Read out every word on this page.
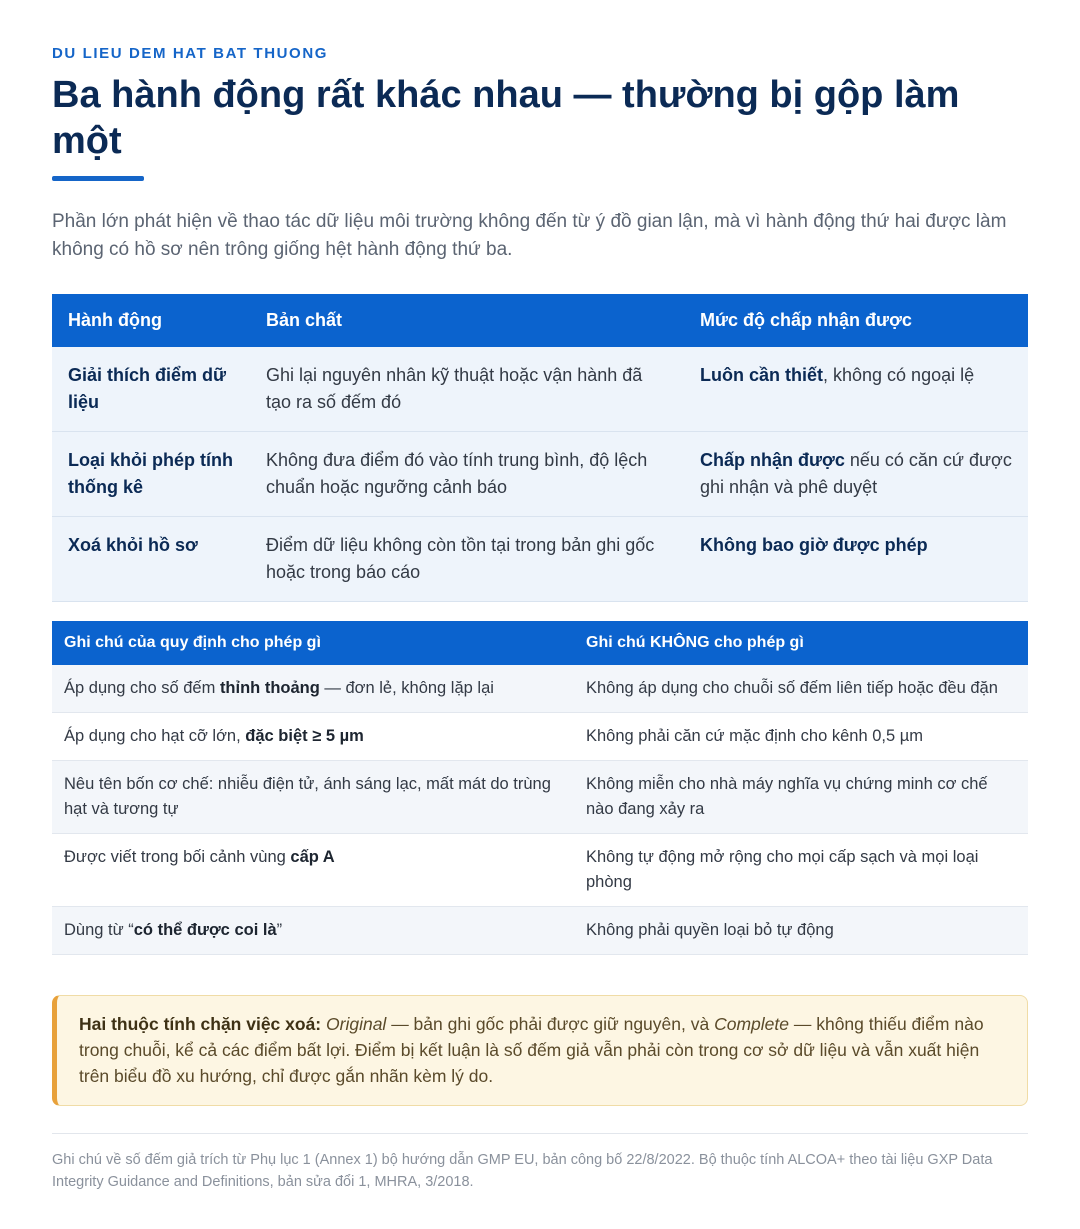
DU LIEU DEM HAT BAT THUONG
Ba hành động rất khác nhau — thường bị gộp làm một

Phần lớn phát hiện về thao tác dữ liệu môi trường không đến từ ý đồ gian lận, mà vì hành động thứ hai được làm không có hồ sơ nên trông giống hệt hành động thứ ba.

Hành động	Bản chất	Mức độ chấp nhận được
Giải thích điểm dữ liệu	Ghi lại nguyên nhân kỹ thuật hoặc vận hành đã tạo ra số đếm đó	Luôn cần thiết, không có ngoại lệ
Loại khỏi phép tính thống kê	Không đưa điểm đó vào tính trung bình, độ lệch chuẩn hoặc ngưỡng cảnh báo	Chấp nhận được nếu có căn cứ được ghi nhận và phê duyệt
Xoá khỏi hồ sơ	Điểm dữ liệu không còn tồn tại trong bản ghi gốc hoặc trong báo cáo	Không bao giờ được phép
Ghi chú của quy định cho phép gì	Ghi chú KHÔNG cho phép gì
Áp dụng cho số đếm thỉnh thoảng — đơn lẻ, không lặp lại	Không áp dụng cho chuỗi số đếm liên tiếp hoặc đều đặn
Áp dụng cho hạt cỡ lớn, đặc biệt ≥ 5 µm	Không phải căn cứ mặc định cho kênh 0,5 µm
Nêu tên bốn cơ chế: nhiễu điện tử, ánh sáng lạc, mất mát do trùng hạt và tương tự	Không miễn cho nhà máy nghĩa vụ chứng minh cơ chế nào đang xảy ra
Được viết trong bối cảnh vùng cấp A	Không tự động mở rộng cho mọi cấp sạch và mọi loại phòng
Dùng từ “có thể được coi là”	Không phải quyền loại bỏ tự động
Hai thuộc tính chặn việc xoá: Original — bản ghi gốc phải được giữ nguyên, và Complete — không thiếu điểm nào trong chuỗi, kể cả các điểm bất lợi. Điểm bị kết luận là số đếm giả vẫn phải còn trong cơ sở dữ liệu và vẫn xuất hiện trên biểu đồ xu hướng, chỉ được gắn nhãn kèm lý do.

Ghi chú về số đếm giả trích từ Phụ lục 1 (Annex 1) bộ hướng dẫn GMP EU, bản công bố 22/8/2022. Bộ thuộc tính ALCOA+ theo tài liệu GXP Data Integrity Guidance and Definitions, bản sửa đổi 1, MHRA, 3/2018.
